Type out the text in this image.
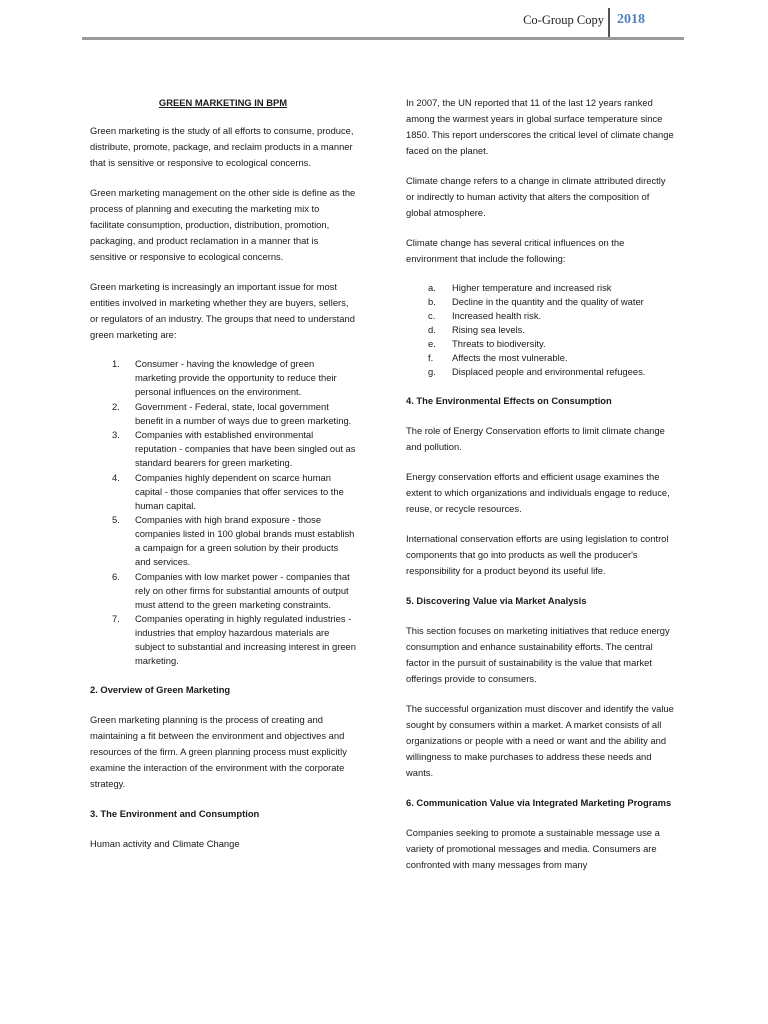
Co-Group Copy 2018
GREEN MARKETING IN BPM

Green marketing is the study of all efforts to consume, produce, distribute, promote, package, and reclaim products in a manner that is sensitive or responsive to ecological concerns.

Green marketing management on the other side is define as the process of planning and executing the marketing mix to facilitate consumption, production, distribution, promotion, packaging, and product reclamation in a manner that is sensitive or responsive to ecological concerns.

Green marketing is increasingly an important issue for most entities involved in marketing whether they are buyers, sellers, or regulators of an industry. The groups that need to understand green marketing are:

1.	Consumer - having the knowledge of green marketing provide the opportunity to reduce their personal influences on the environment.
2.	Government - Federal, state, local government benefit in a number of ways due to green marketing.
3.	Companies with established environmental reputation - companies that have been singled out as standard bearers for green marketing.
4.	Companies highly dependent on scarce human capital - those companies that offer services to the human capital.
5.	Companies with high brand exposure - those companies listed in 100 global brands must establish a campaign for a green solution by their products and services.
6.	Companies with low market power - companies that rely on other firms for substantial amounts of output must attend to the green marketing constraints.
7.	Companies operating in highly regulated industries - industries that employ hazardous materials are subject to substantial and increasing interest in green marketing.
2. Overview of Green Marketing

Green marketing planning is the process of creating and maintaining a fit between the environment and objectives and resources of the firm. A green planning process must explicitly examine the interaction of the environment with the corporate strategy.

3. The Environment and Consumption

Human activity and Climate Change

In 2007, the UN reported that 11 of the last 12 years ranked among the warmest years in global surface temperature since 1850. This report underscores the critical level of climate change faced on the planet.

Climate change refers to a change in climate attributed directly or indirectly to human activity that alters the composition of global atmosphere.

Climate change has several critical influences on the environment that include the following:

a.	Higher temperature and increased risk
b.	Decline in the quantity and the quality of water
c.	Increased health risk.
d.	Rising sea levels.
e.	Threats to biodiversity.
f.	Affects the most vulnerable.
g.	Displaced people and environmental refugees.
4. The Environmental Effects on Consumption

The role of Energy Conservation efforts to limit climate change and pollution.

Energy conservation efforts and efficient usage examines the extent to which organizations and individuals engage to reduce, reuse, or recycle resources.

International conservation efforts are using legislation to control components that go into products as well the producer's responsibility for a product beyond its useful life.

5. Discovering Value via Market Analysis

This section focuses on marketing initiatives that reduce energy consumption and enhance sustainability efforts. The central factor in the pursuit of sustainability is the value that market offerings provide to consumers.

The successful organization must discover and identify the value sought by consumers within a market. A market consists of all organizations or people with a need or want and the ability and willingness to make purchases to address these needs and wants.

6. Communication Value via Integrated Marketing Programs

Companies seeking to promote a sustainable message use a variety of promotional messages and media. Consumers are confronted with many messages from many
